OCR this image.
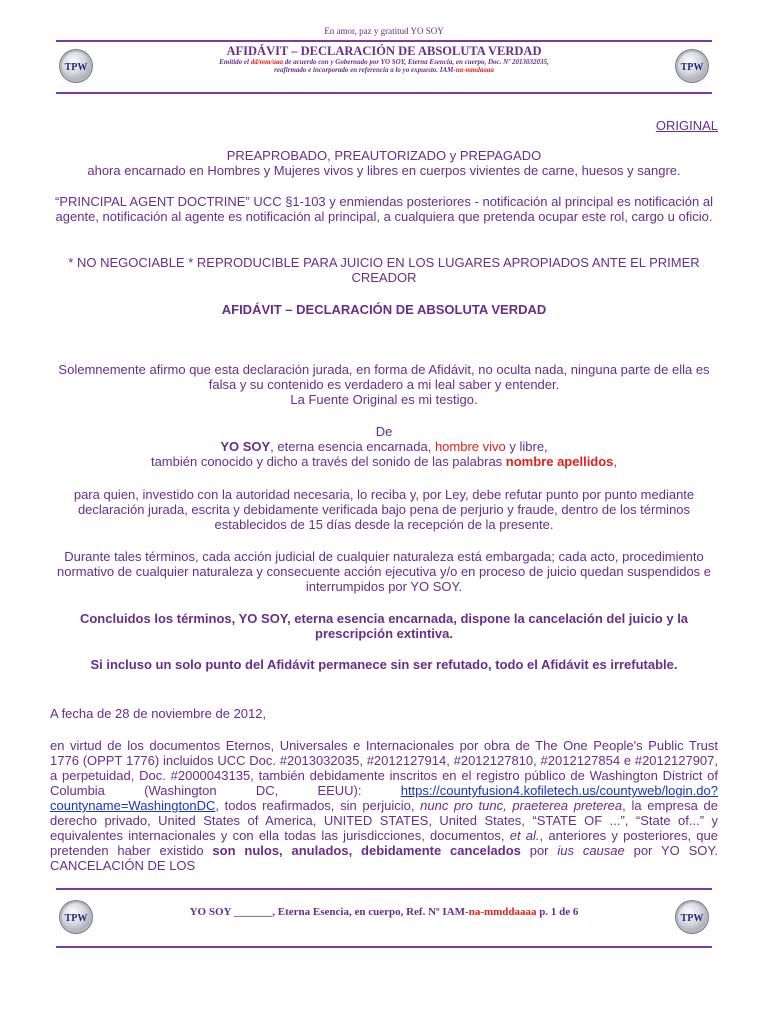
En amor, paz y gratitud YO SOY
TPW	TPW
AFIDÁVIT – DECLARACIÓN DE ABSOLUTA VERDAD
Emitido el dd/mm/aaa de acuerdo con y Gobernado por YO SOY, Eterna Esencia, en cuerpo, Doc. Nº 2013032035,
reafirmado e incorporado en referencia a lo yo expuesto. IAM-na-mmdaaaa
ORIGINAL
PREAPROBADO, PREAUTORIZADO y PREPAGADO
ahora encarnado en Hombres y Mujeres vivos y libres en cuerpos vivientes de carne, huesos y sangre.
“PRINCIPAL AGENT DOCTRINE” UCC §1-103 y enmiendas posteriores - notificación al principal es notificación al agente, notificación al agente es notificación al principal, a cualquiera que pretenda ocupar este rol, cargo u oficio.
* NO NEGOCIABLE * REPRODUCIBLE PARA JUICIO EN LOS LUGARES APROPIADOS ANTE EL PRIMER CREADOR
AFIDÁVIT – DECLARACIÓN DE ABSOLUTA VERDAD
Solemnemente afirmo que esta declaración jurada, en forma de Afidávit, no oculta nada, ninguna parte de ella es falsa y su contenido es verdadero a mi leal saber y entender.
La Fuente Original es mi testigo.
De
YO SOY, eterna esencia encarnada, hombre vivo y libre,
también conocido y dicho a través del sonido de las palabras nombre apellidos,
para quien, investido con la autoridad necesaria, lo reciba y, por Ley, debe refutar punto por punto mediante declaración jurada, escrita y debidamente verificada bajo pena de perjurio y fraude, dentro de los términos establecidos de 15 días desde la recepción de la presente.
Durante tales términos, cada acción judicial de cualquier naturaleza está embargada; cada acto, procedimiento normativo de cualquier naturaleza y consecuente acción ejecutiva y/o en proceso de juicio quedan suspendidos e interrumpidos por YO SOY.
Concluidos los términos, YO SOY, eterna esencia encarnada, dispone la cancelación del juicio y la prescripción extintiva.
Si incluso un solo punto del Afidávit permanece sin ser refutado, todo el Afidávit es irrefutable.
A fecha de 28 de noviembre de 2012,
en virtud de los documentos Eternos, Universales e Internacionales por obra de The One People's Public Trust 1776 (OPPT 1776) incluidos UCC Doc. #2013032035, #2012127914, #2012127810, #2012127854 e #2012127907, a perpetuidad, Doc. #2000043135, también debidamente inscritos en el registro público de Washington District of Columbia (Washington DC, EEUU):	https://countyfusion4.kofiletech.us/countyweb/login.do?countyname=WashingtonDC, todos reafirmados, sin perjuicio, nunc pro tunc, praeterea preterea, la empresa de derecho privado, United States of America, UNITED STATES, United States, “STATE OF ...”, “State of...” y equivalentes internacionales y con ella todas las jurisdicciones, documentos, et al., anteriores y posteriores, que pretenden haber existido son nulos, anulados, debidamente cancelados por ius causae por YO SOY. CANCELACIÓN DE LOS
TPW	TPW
YO SOY _______, Eterna Esencia, en cuerpo, Ref. Nº IAM-na-mmddaaaa p. 1 de 6
